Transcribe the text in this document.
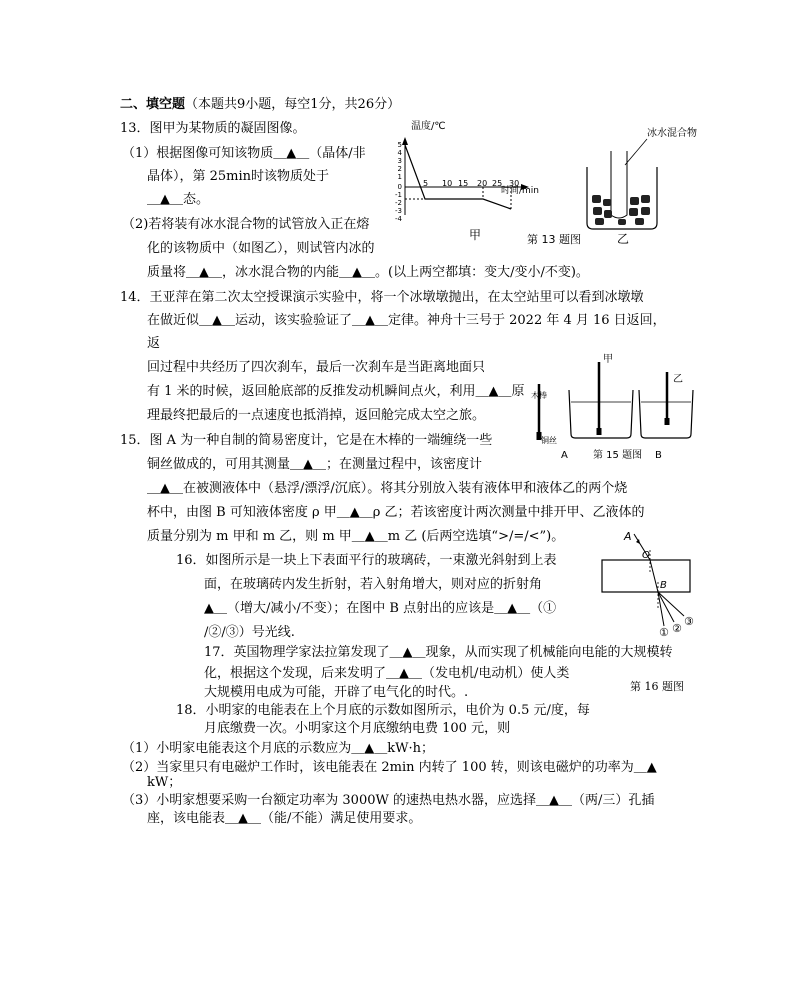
二、填空题（本题共9小题，每空1分，共26分）
13．图甲为某物质的凝固图像。
（1）根据图像可知该物质＿▲＿（晶体/非
晶体），第 25min时该物质处于
＿▲＿态。
（2)若将装有冰水混合物的试管放入正在熔
化的该物质中（如图乙），则试管内冰的
质量将＿▲＿，冰水混合物的内能＿▲＿。(以上两空都填：变大/变小/不变)。
温度/℃
时间/min
5
4
3
2
1
0
-1
-2
-3
-4
5 10 15 20 25 30
甲	第 13 题图
冰水混合物
乙
14．王亚萍在第二次太空授课演示实验中，将一个冰墩墩抛出，在太空站里可以看到冰墩墩
在做近似＿▲＿运动，该实验验证了＿▲＿定律。神舟十三号于 2022 年 4 月 16 日返回，
返
回过程中共经历了四次刹车，最后一次刹车是当距离地面只
有 1 米的时候，返回舱底部的反推发动机瞬间点火，利用＿▲＿原
理最终把最后的一点速度也抵消掉，返回舱完成太空之旅。
木棒
铜丝
A
甲
第 15 题图
乙
B
15．图 A 为一种自制的简易密度计，它是在木棒的一端缠绕一些
铜丝做成的，可用其测量＿▲＿；在测量过程中，该密度计
＿▲＿在被测液体中（悬浮/漂浮/沉底）。将其分别放入装有液体甲和液体乙的两个烧
杯中，由图 B 可知液体密度 ρ 甲＿▲＿ρ 乙；若该密度计两次测量中排开甲、乙液体的
质量分别为 m 甲和 m 乙，则 m 甲＿▲＿m 乙 (后两空选填“>/=/<”)。
16．如图所示是一块上下表面平行的玻璃砖，一束激光斜射到上表
面，在玻璃砖内发生折射，若入射角增大，则对应的折射角
▲＿（增大/减小/不变）；在图中 B 点射出的应该是＿▲＿（①
/②/③）号光线.
A
O
B
① ②
③
17．英国物理学家法拉第发现了＿▲＿现象，从而实现了机械能向电能的大规模转
化，根据这个发现，后来发明了＿▲＿（发电机/电动机）使人类
大规模用电成为可能，开辟了电气化的时代。.	第 16 题图
18．小明家的电能表在上个月底的示数如图所示，电价为 0.5 元/度，每
月底缴费一次。小明家这个月底缴纳电费 100 元，则
（1）小明家电能表这个月底的示数应为＿▲＿kW·h；
（2）当家里只有电磁炉工作时，该电能表在 2min 内转了 100 转，则该电磁炉的功率为＿▲
kW；
（3）小明家想要采购一台额定功率为 3000W 的速热电热水器，应选择＿▲＿（两/三）孔插
座，该电能表＿▲＿（能/不能）满足使用要求。
